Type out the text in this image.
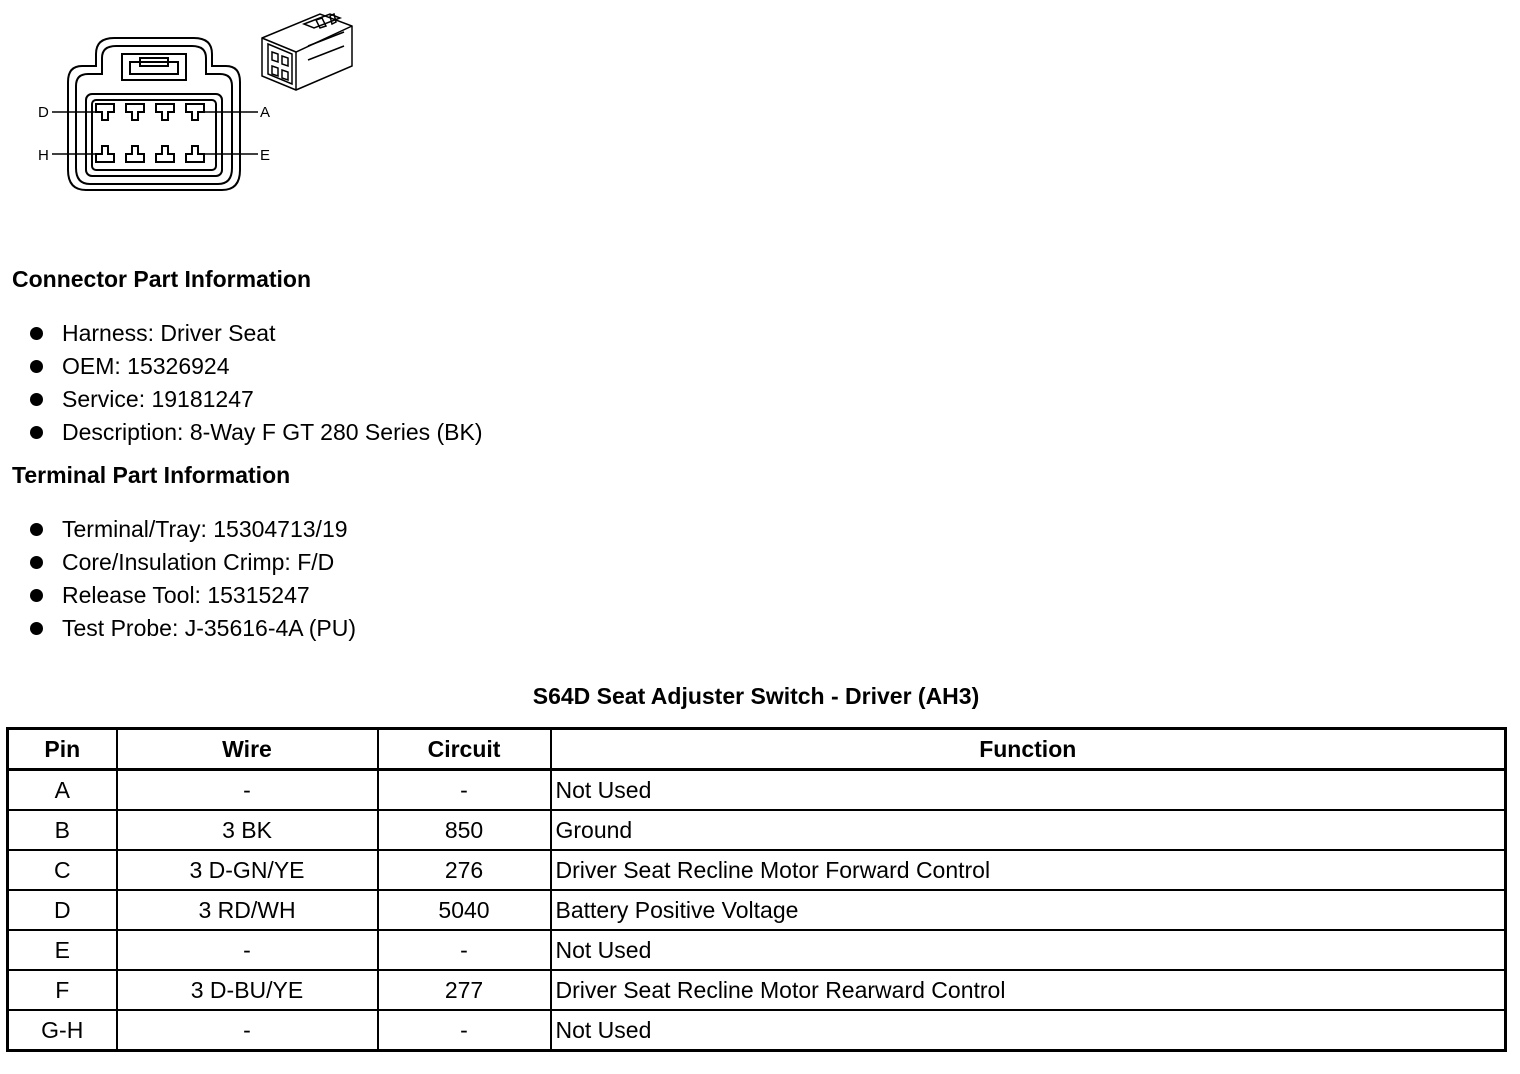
D	A
H	E
Connector Part Information
Harness: Driver Seat
OEM: 15326924
Service: 19181247
Description: 8-Way F GT 280 Series (BK)
Terminal Part Information
Terminal/Tray: 15304713/19
Core/Insulation Crimp: F/D
Release Tool: 15315247
Test Probe: J-35616-4A (PU)
S64D Seat Adjuster Switch - Driver (AH3)
Pin	Wire	Circuit	Function
A	-	-	Not Used
B	3 BK	850	Ground
C	3 D-GN/YE	276	Driver Seat Recline Motor Forward Control
D	3 RD/WH	5040	Battery Positive Voltage
E	-	-	Not Used
F	3 D-BU/YE	277	Driver Seat Recline Motor Rearward Control
G-H	-	-	Not Used
